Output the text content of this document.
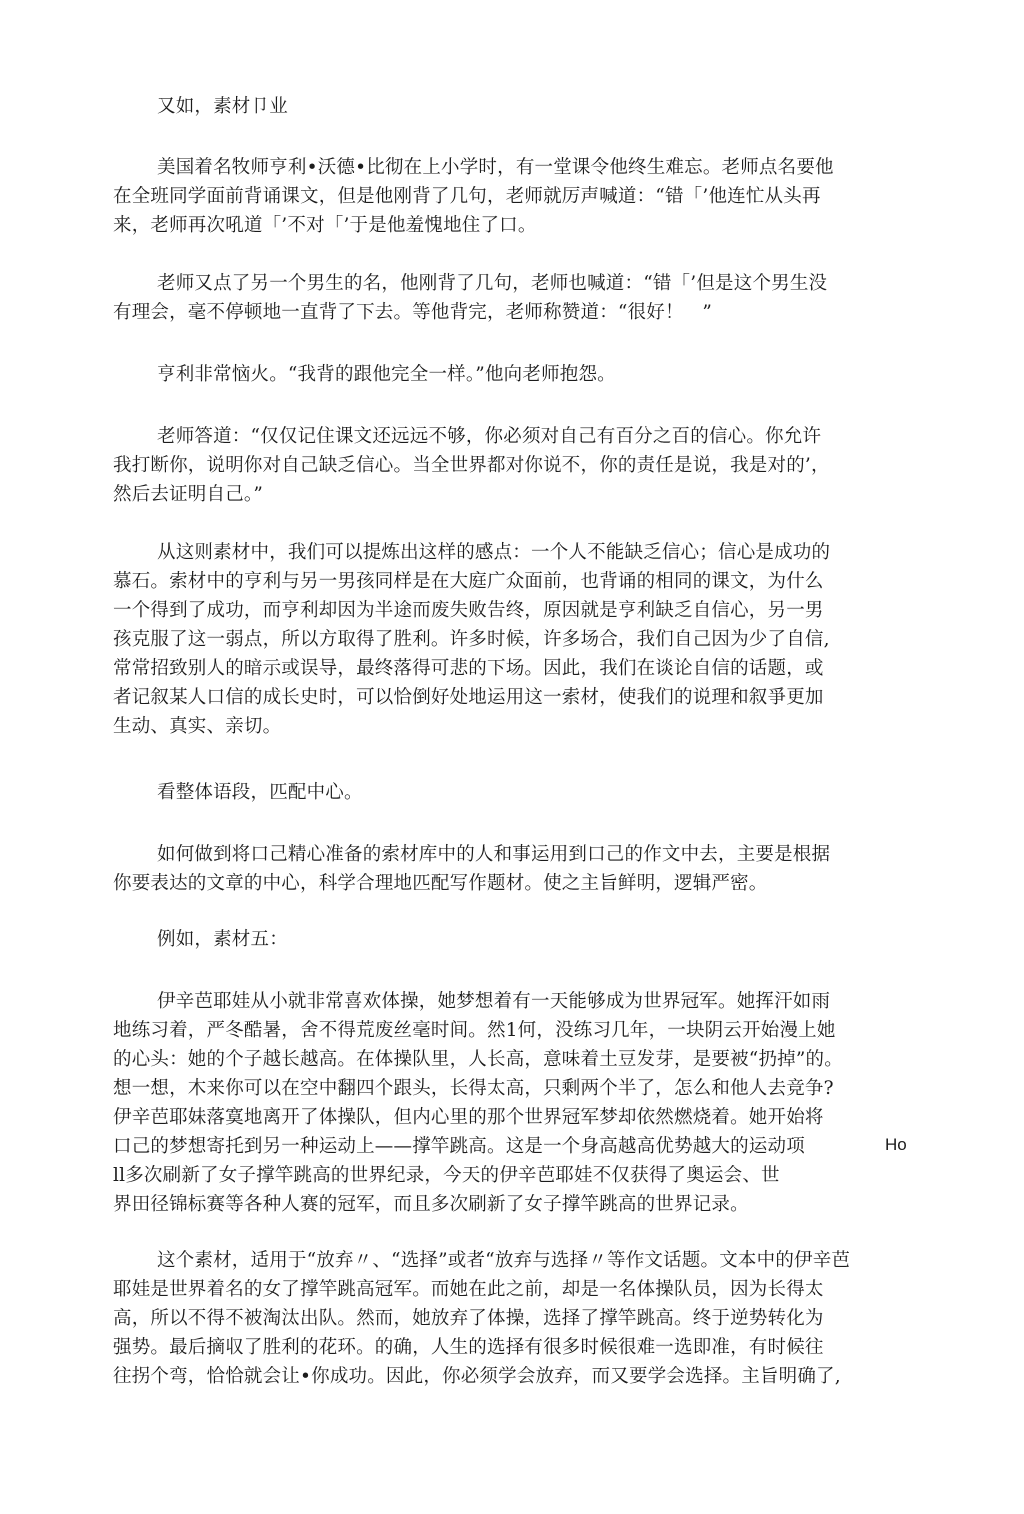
又如，素材卩业
美国着名牧师亨利•沃德•比彻在上小学时，有一堂课令他终生难忘。老师点名要他
在全班同学面前背诵课文，但是他刚背了几句，老师就厉声喊道：“错「’他连忙从头再
来，老师再次吼道「’不对「’于是他羞愧地住了口。
老师又点了另一个男生的名，他刚背了几句，老师也喊道：“错「’但是这个男生没
有理会，毫不停顿地一直背了下去。等他背完，老师称赞道：“很好！　”
亨利非常恼火。“我背的跟他完全一样。”他向老师抱怨。
老师答道：“仅仅记住课文还远远不够，你必须对自己有百分之百的信心。你允许
我打断你，说明你对自己缺乏信心。当全世界都对你说不，你的责任是说，我是对的’，
然后去证明自己。”
从这则素材中，我们可以提炼出这样的感点：一个人不能缺乏信心；信心是成功的
慕石。索材中的亨利与另一男孩同样是在大庭广众面前，也背诵的相同的课文，为什么
一个得到了成功，而亨利却因为半途而废失败告终，原因就是亨利缺乏自信心，另一男
孩克服了这一弱点，所以方取得了胜利。许多时候，许多场合，我们自己因为少了自信,
常常招致别人的暗示或误导，最终落得可悲的下场。因此，我们在谈论自信的话题，或
者记叙某人口信的成长史时，可以恰倒好处地运用这一索材，使我们的说理和叙爭更加
生动、真实、亲切。
看整体语段，匹配中心。
如何做到将口己精心准备的索材库中的人和事运用到口己的作文中去，主要是根据
你要表达的文章的中心，科学合理地匹配写作题材。使之主旨鲜明，逻辑严密。
例如，素材五：
伊辛芭耶娃从小就非常喜欢体操，她梦想着有一天能够成为世界冠军。她挥汗如雨
地练习着，严冬酷暑，舍不得荒废丝毫时间。然1何，没练习几年，一块阴云开始漫上她
的心头：她的个子越长越高。在体操队里，人长高，意味着土豆发芽，是要被“扔掉”的。
想一想，木来你可以在空中翻四个跟头，长得太高，只剩两个半了，怎么和他人去竞争?
伊辛芭耶妹落寞地离开了体操队，但内心里的那个世界冠军梦却依然燃烧着。她开始将
口己的梦想寄托到另一种运动上——撑竿跳高。这是一个身高越高优势越大的运动项
ll多次刷新了女子撑竿跳高的世界纪录，今天的伊辛芭耶娃不仅获得了奥运会、世
界田径锦标赛等各种人赛的冠军，而且多次刷新了女子撑竿跳高的世界记录。
这个素材，适用于“放弃〃、“选择”或者“放弃与选择〃等作文话题。文本中的伊辛芭
耶娃是世界着名的女了撑竿跳高冠军。而她在此之前，却是一名体操队员，因为长得太
高，所以不得不被淘汰出队。然而，她放弃了体操，选择了撑竿跳高。终于逆势转化为
强势。最后摘収了胜利的花环。的确，人生的选择有很多时候很难一选即准，有时候往
往拐个弯，恰恰就会让•你成功。因此，你必须学会放弃，而又要学会选择。主旨明确了,
Ho
